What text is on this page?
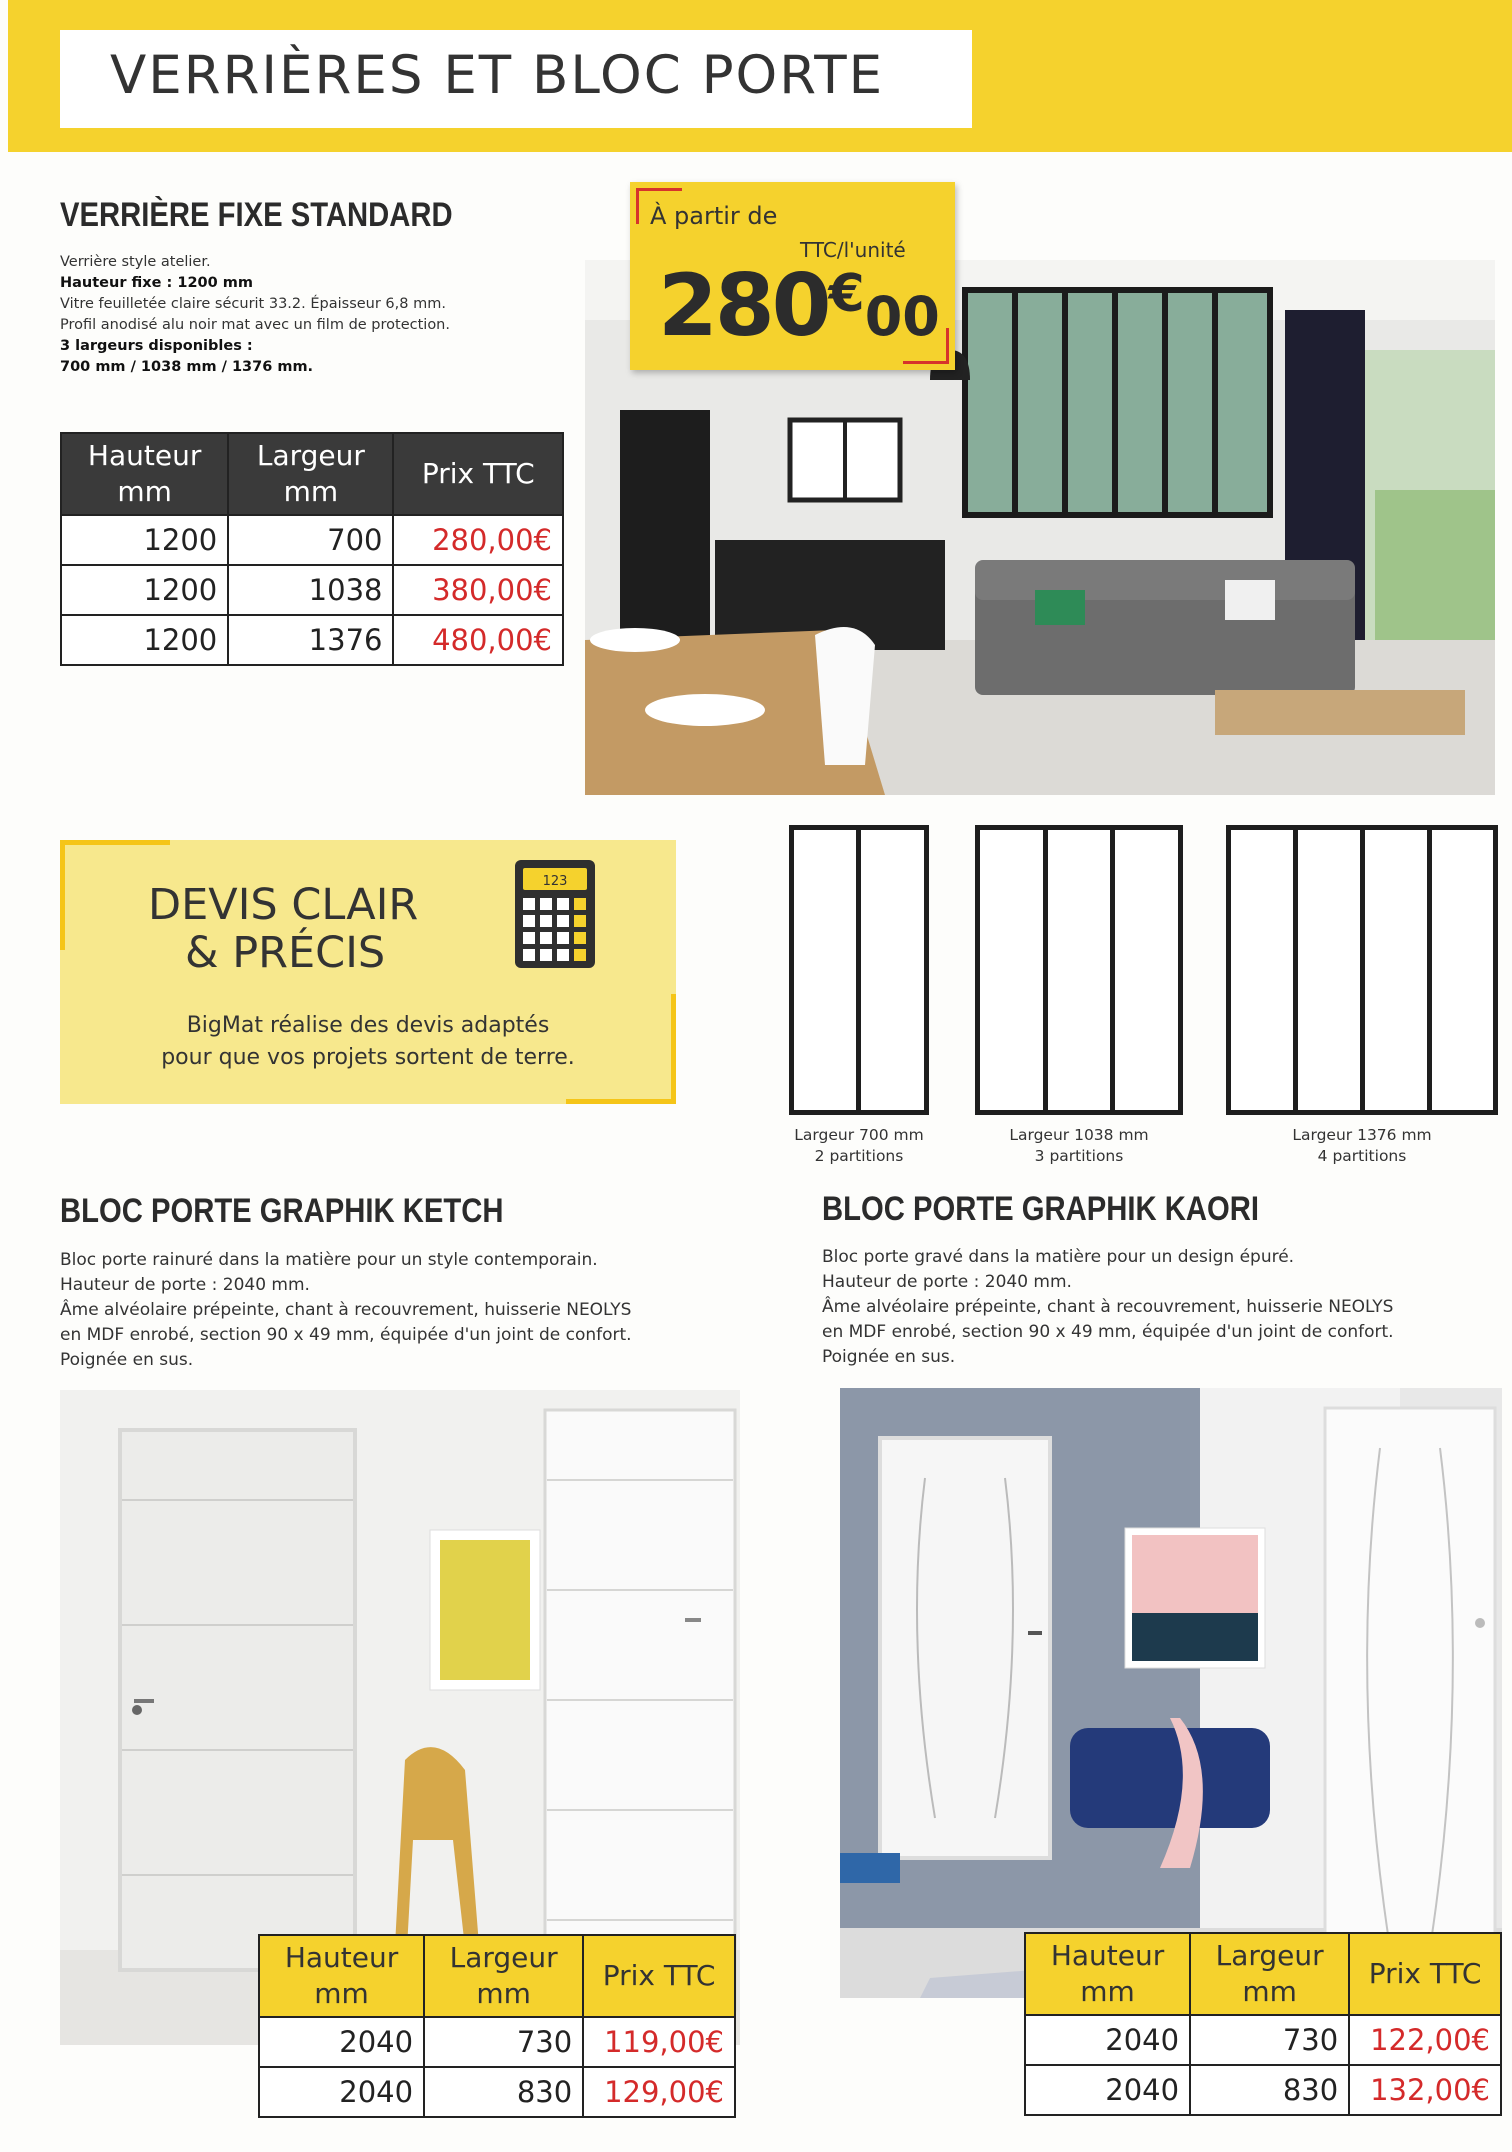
VERRIÈRES ET BLOC PORTE
VERRIÈRE FIXE STANDARD
Verrière style atelier.
Hauteur fixe : 1200 mm
Vitre feuilletée claire sécurit 33.2. Épaisseur 6,8 mm.
Profil anodisé alu noir mat avec un film de protection.
3 largeurs disponibles :
700 mm / 1038 mm / 1376 mm.
Hauteur mm	Largeur mm	Prix TTC
1200	700	280,00€
1200	1038	380,00€
1200	1376	480,00€
À partir de
TTC/l'unité
280€00
DEVIS CLAIR
& PRÉCIS
123
BigMat réalise des devis adaptés
pour que vos projets sortent de terre.
Largeur 700 mm
2 partitions
Largeur 1038 mm
3 partitions
Largeur 1376 mm
4 partitions
BLOC PORTE GRAPHIK KETCH
Bloc porte rainuré dans la matière pour un style contemporain.
Hauteur de porte : 2040 mm.
Âme alvéolaire prépeinte, chant à recouvrement, huisserie NEOLYS
en MDF enrobé, section 90 x 49 mm, équipée d'un joint de confort.
Poignée en sus.
Hauteur mm	Largeur mm	Prix TTC
2040	730	119,00€
2040	830	129,00€
BLOC PORTE GRAPHIK KAORI
Bloc porte gravé dans la matière pour un design épuré.
Hauteur de porte : 2040 mm.
Âme alvéolaire prépeinte, chant à recouvrement, huisserie NEOLYS
en MDF enrobé, section 90 x 49 mm, équipée d'un joint de confort.
Poignée en sus.
Hauteur mm	Largeur mm	Prix TTC
2040	730	122,00€
2040	830	132,00€
